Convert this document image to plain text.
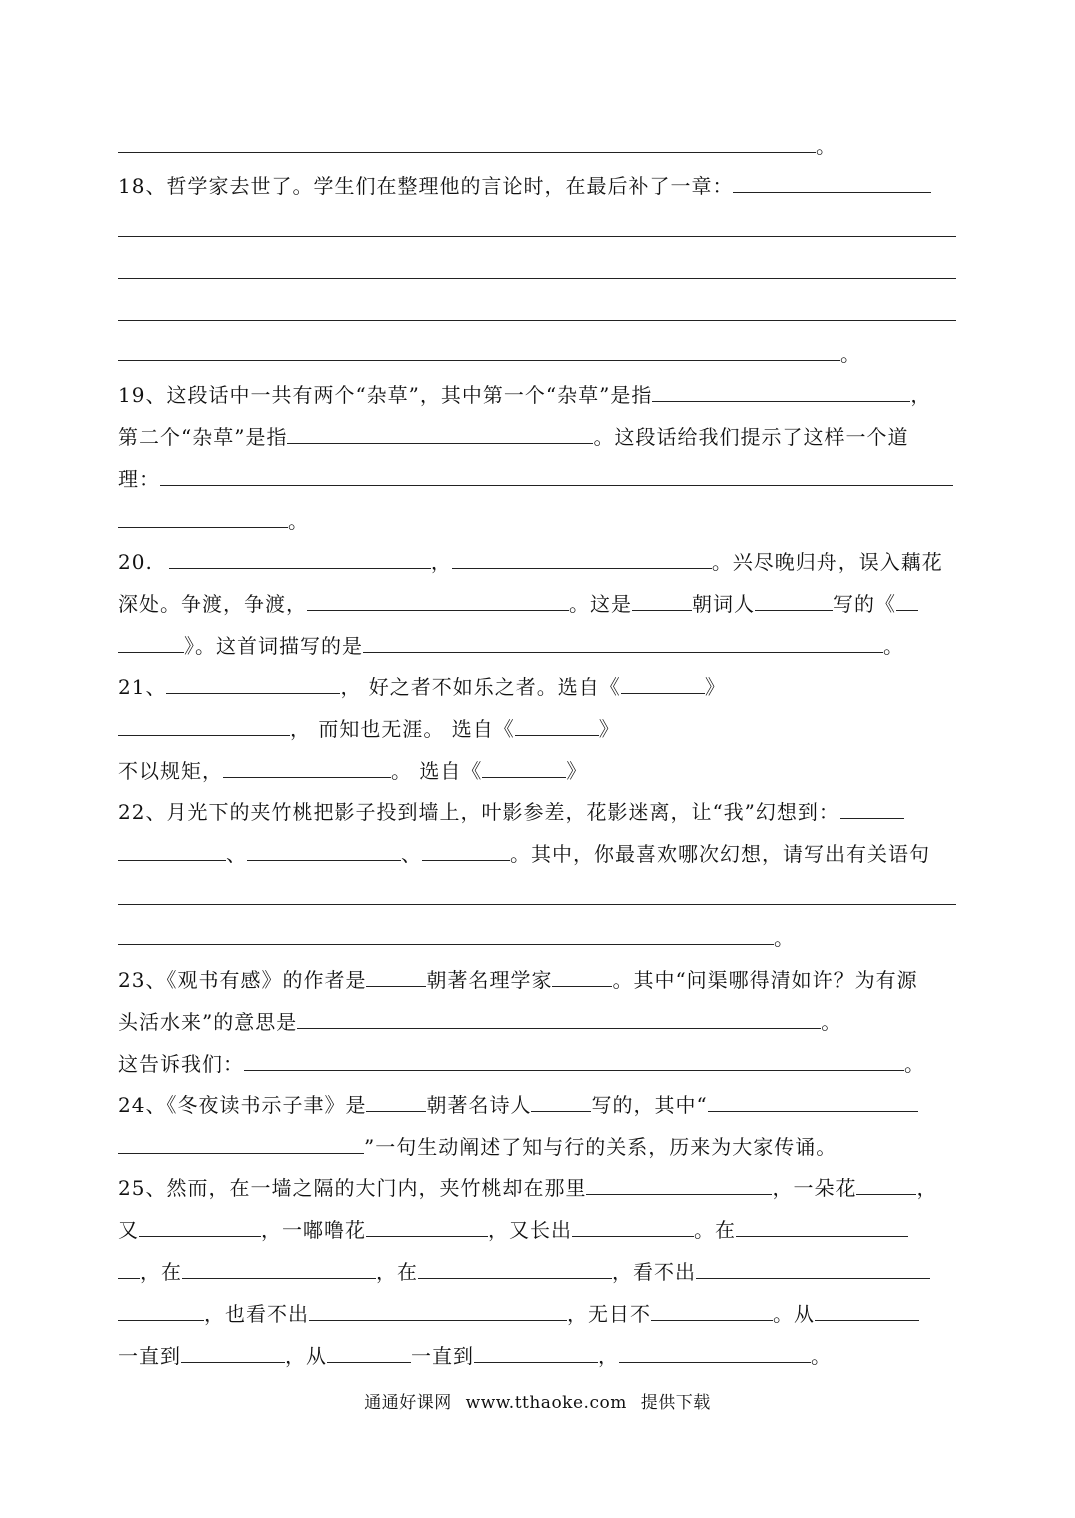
。
18、哲学家去世了。学生们在整理他的言论时，在最后补了一章：
。
19、这段话中一共有两个“杂草”，其中第一个“杂草”是指	，
第二个“杂草”是指	。这段话给我们提示了这样一个道
理：
。
20.	，	。兴尽晚归舟，误入藕花
深处。争渡，争渡，	。这是	朝词人	写的《
》。这首词描写的是	。
21、	， 好之者不如乐之者。选自《	》
， 而知也无涯。 选自《	》
不以规矩，	。 选自《	》
22、月光下的夹竹桃把影子投到墙上，叶影参差，花影迷离，让“我”幻想到：
、	、	。其中，你最喜欢哪次幻想，请写出有关语句
。
23、《观书有感》的作者是	朝著名理学家	。其中“问渠哪得清如许？为有源
头活水来”的意思是	。
这告诉我们：	。
24、《冬夜读书示子聿》是	朝著名诗人	写的，其中“
”一句生动阐述了知与行的关系，历来为大家传诵。
25、然而，在一墙之隔的大门内，夹竹桃却在那里	，一朵花	，
又	，一嘟噜花	，又长出	。在
，在	，在	，看不出
，也看不出	，无日不	。从
一直到	，从	一直到	，	。
通通好课网 www.tthaoke.com 提供下载
